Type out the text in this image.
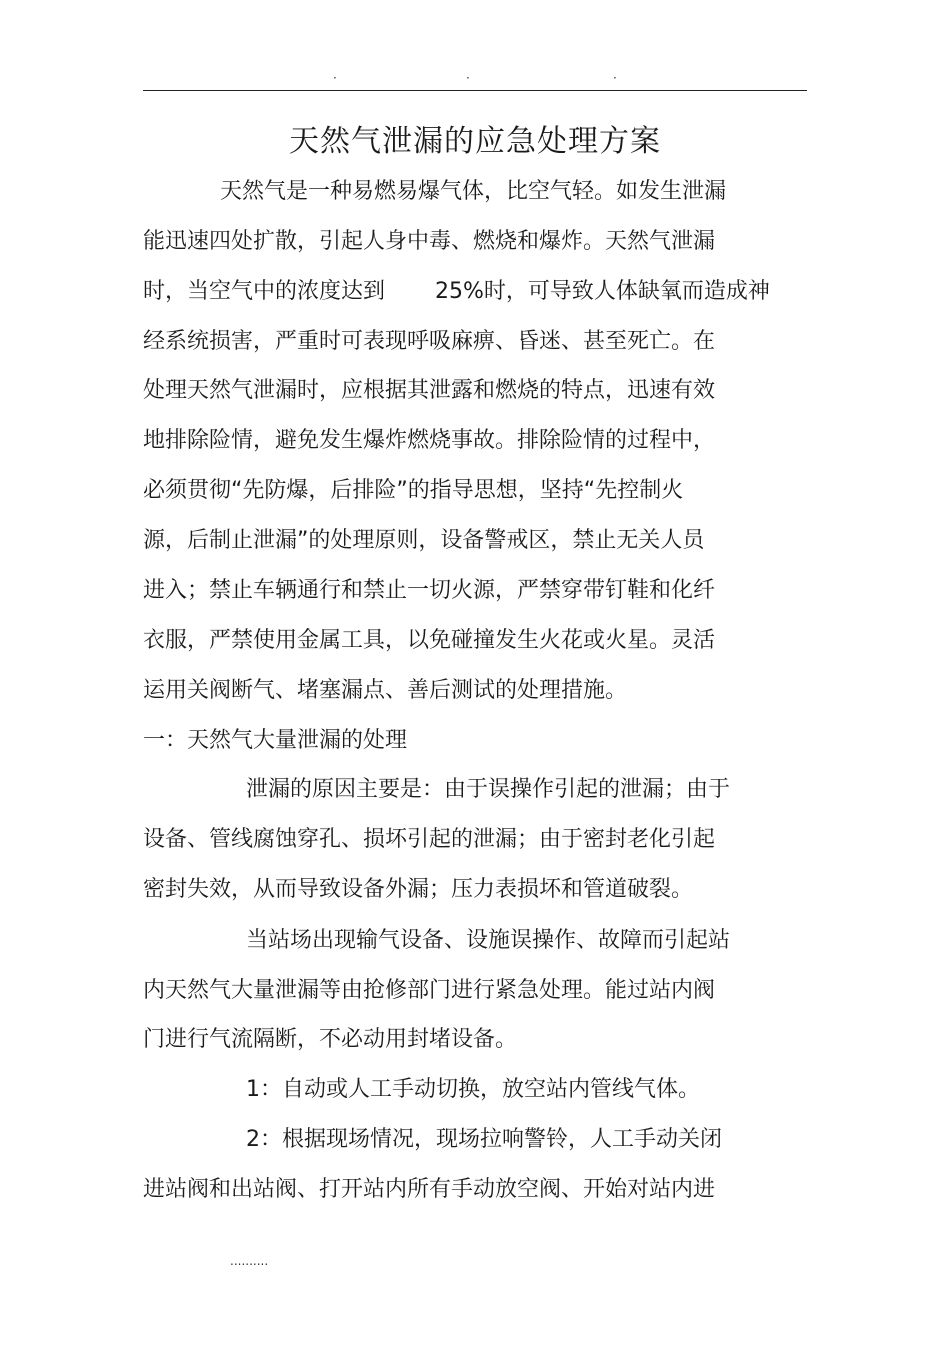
·	·	·
天然气泄漏的应急处理方案
天然气是一种易燃易爆气体，比空气轻。如发生泄漏
能迅速四处扩散，引起人身中毒、燃烧和爆炸。天然气泄漏
时，当空气中的浓度达到 25%时，可导致人体缺氧而造成神
经系统损害，严重时可表现呼吸麻痹、昏迷、甚至死亡。在
处理天然气泄漏时，应根据其泄露和燃烧的特点，迅速有效
地排除险情，避免发生爆炸燃烧事故。排除险情的过程中，
必须贯彻“先防爆，后排险”的指导思想，坚持“先控制火
源，后制止泄漏”的处理原则，设备警戒区，禁止无关人员
进入；禁止车辆通行和禁止一切火源，严禁穿带钉鞋和化纤
衣服，严禁使用金属工具，以免碰撞发生火花或火星。灵活
运用关阀断气、堵塞漏点、善后测试的处理措施。
一：天然气大量泄漏的处理
泄漏的原因主要是：由于误操作引起的泄漏；由于
设备、管线腐蚀穿孔、损坏引起的泄漏；由于密封老化引起
密封失效，从而导致设备外漏；压力表损坏和管道破裂。
当站场出现输气设备、设施误操作、故障而引起站
内天然气大量泄漏等由抢修部门进行紧急处理。能过站内阀
门进行气流隔断，不必动用封堵设备。
1：自动或人工手动切换，放空站内管线气体。
2：根据现场情况，现场拉响警铃，人工手动关闭
进站阀和出站阀、打开站内所有手动放空阀、开始对站内进
..........
